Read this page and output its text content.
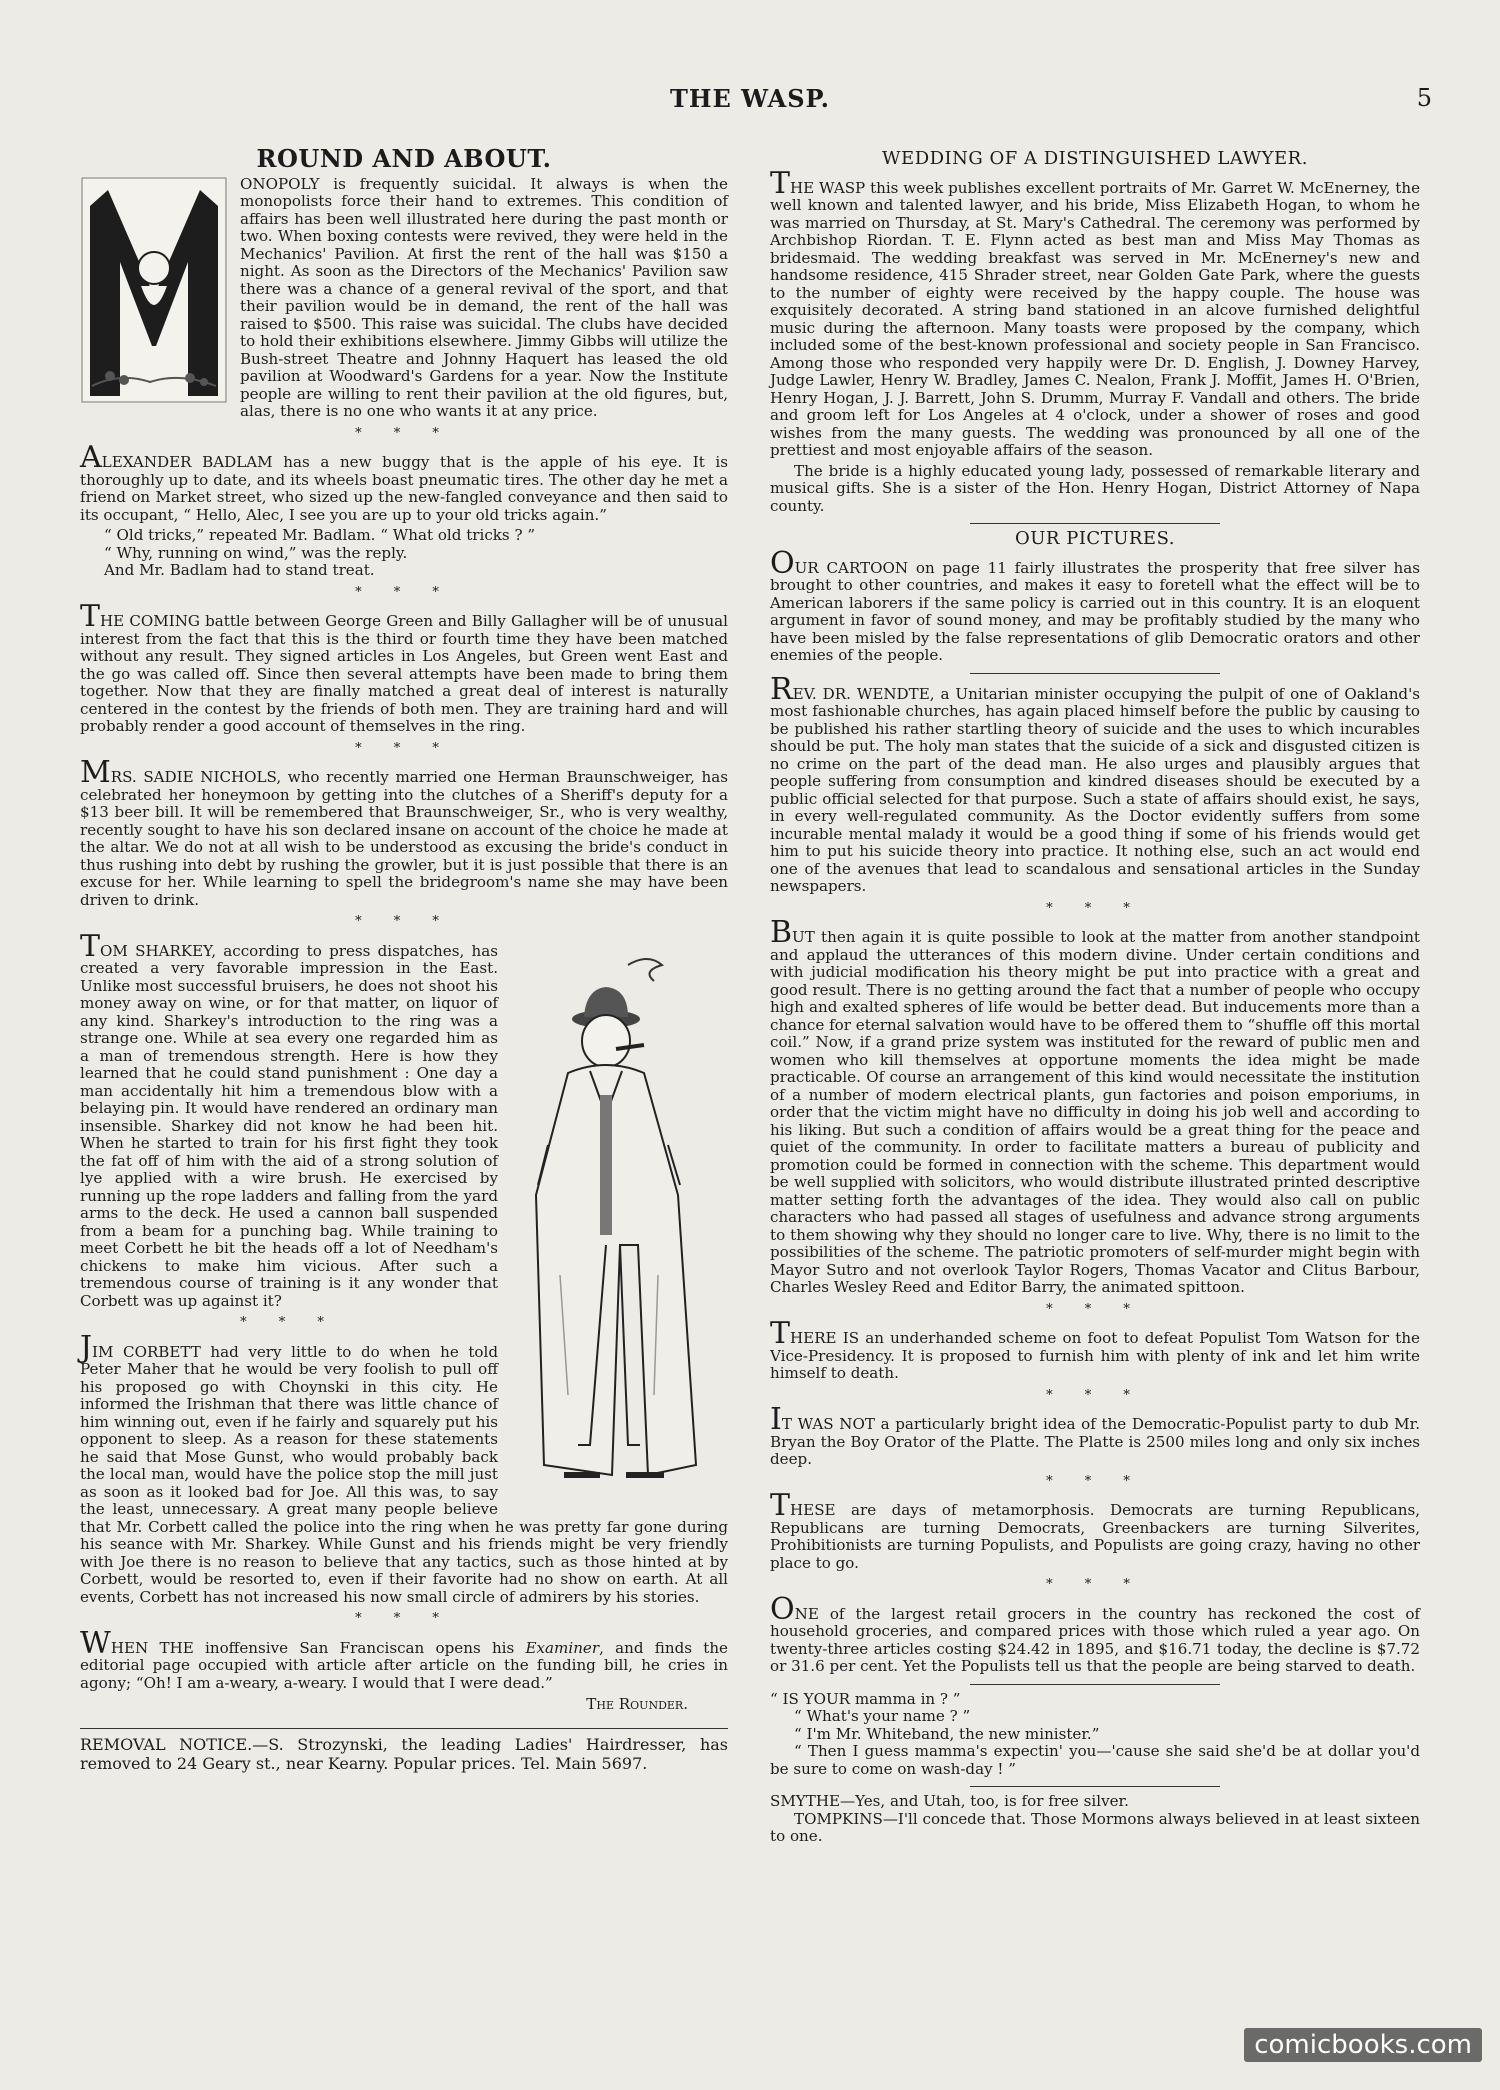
THE WASP.	5
ROUND AND ABOUT.

ONOPOLY is frequently suicidal. It always is when the monopolists force their hand to extremes. This condition of affairs has been well illustrated here during the past month or two. When boxing contests were revived, they were held in the Mechanics' Pavilion. At first the rent of the hall was $150 a night. As soon as the Directors of the Mechanics' Pavilion saw there was a chance of a general revival of the sport, and that their pavilion would be in demand, the rent of the hall was raised to $500. This raise was suicidal. The clubs have decided to hold their exhibitions elsewhere. Jimmy Gibbs will utilize the Bush-street Theatre and Johnny Haquert has leased the old pavilion at Woodward's Gardens for a year. Now the Institute people are willing to rent their pavilion at the old figures, but, alas, there is no one who wants it at any price.

* * *

ALEXANDER BADLAM has a new buggy that is the apple of his eye. It is thoroughly up to date, and its wheels boast pneumatic tires. The other day he met a friend on Market street, who sized up the new-fangled conveyance and then said to its occupant, “ Hello, Alec, I see you are up to your old tricks again.”

“ Old tricks,” repeated Mr. Badlam. “ What old tricks ? ”

“ Why, running on wind,” was the reply.

And Mr. Badlam had to stand treat.

* * *

THE COMING battle between George Green and Billy Gallagher will be of unusual interest from the fact that this is the third or fourth time they have been matched without any result. They signed articles in Los Angeles, but Green went East and the go was called off. Since then several attempts have been made to bring them together. Now that they are finally matched a great deal of interest is naturally centered in the contest by the friends of both men. They are training hard and will probably render a good account of themselves in the ring.

* * *

MRS. SADIE NICHOLS, who recently married one Herman Braunschweiger, has celebrated her honeymoon by getting into the clutches of a Sheriff's deputy for a $13 beer bill. It will be remembered that Braunschweiger, Sr., who is very wealthy, recently sought to have his son declared insane on account of the choice he made at the altar. We do not at all wish to be understood as excusing the bride's conduct in thus rushing into debt by rushing the growler, but it is just possible that there is an excuse for her. While learning to spell the bridegroom's name she may have been driven to drink.

* * *

TOM SHARKEY, according to press dispatches, has created a very favorable impression in the East. Unlike most successful bruisers, he does not shoot his money away on wine, or for that matter, on liquor of any kind. Sharkey's introduction to the ring was a strange one. While at sea every one regarded him as a man of tremendous strength. Here is how they learned that he could stand punishment : One day a man accidentally hit him a tremendous blow with a belaying pin. It would have rendered an ordinary man insensible. Sharkey did not know he had been hit. When he started to train for his first fight they took the fat off of him with the aid of a strong solution of lye applied with a wire brush. He exercised by running up the rope ladders and falling from the yard arms to the deck. He used a cannon ball suspended from a beam for a punching bag. While training to meet Corbett he bit the heads off a lot of Needham's chickens to make him vicious. After such a tremendous course of training is it any wonder that Corbett was up against it?

* * *

JIM CORBETT had very little to do when he told Peter Maher that he would be very foolish to pull off his proposed go with Choynski in this city. He informed the Irishman that there was little chance of him winning out, even if he fairly and squarely put his opponent to sleep. As a reason for these statements he said that Mose Gunst, who would probably back the local man, would have the police stop the mill just as soon as it looked bad for Joe. All this was, to say the least, unnecessary. A great many people believe that Mr. Corbett called the police into the ring when he was pretty far gone during his seance with Mr. Sharkey. While Gunst and his friends might be very friendly with Joe there is no reason to believe that any tactics, such as those hinted at by Corbett, would be resorted to, even if their favorite had no show on earth. At all events, Corbett has not increased his now small circle of admirers by his stories.

* * *

WHEN THE inoffensive San Franciscan opens his Examiner, and finds the editorial page occupied with article after article on the funding bill, he cries in agony; “Oh! I am a-weary, a-weary. I would that I were dead.”

The Rounder.
REMOVAL NOTICE.—S. Strozynski, the leading Ladies' Hairdresser, has removed to 24 Geary st., near Kearny. Popular prices. Tel. Main 5697.
WEDDING OF A DISTINGUISHED LAWYER.

THE WASP this week publishes excellent portraits of Mr. Garret W. McEnerney, the well known and talented lawyer, and his bride, Miss Elizabeth Hogan, to whom he was married on Thursday, at St. Mary's Cathedral. The ceremony was performed by Archbishop Riordan. T. E. Flynn acted as best man and Miss May Thomas as bridesmaid. The wedding breakfast was served in Mr. McEnerney's new and handsome residence, 415 Shrader street, near Golden Gate Park, where the guests to the number of eighty were received by the happy couple. The house was exquisitely decorated. A string band stationed in an alcove furnished delightful music during the afternoon. Many toasts were proposed by the company, which included some of the best-known professional and society people in San Francisco. Among those who responded very happily were Dr. D. English, J. Downey Harvey, Judge Lawler, Henry W. Bradley, James C. Nealon, Frank J. Moffit, James H. O'Brien, Henry Hogan, J. J. Barrett, John S. Drumm, Murray F. Vandall and others. The bride and groom left for Los Angeles at 4 o'clock, under a shower of roses and good wishes from the many guests. The wedding was pronounced by all one of the prettiest and most enjoyable affairs of the season.

The bride is a highly educated young lady, possessed of remarkable literary and musical gifts. She is a sister of the Hon. Henry Hogan, District Attorney of Napa county.

OUR PICTURES.

OUR CARTOON on page 11 fairly illustrates the prosperity that free silver has brought to other countries, and makes it easy to foretell what the effect will be to American laborers if the same policy is carried out in this country. It is an eloquent argument in favor of sound money, and may be profitably studied by the many who have been misled by the false representations of glib Democratic orators and other enemies of the people.

REV. DR. WENDTE, a Unitarian minister occupying the pulpit of one of Oakland's most fashionable churches, has again placed himself before the public by causing to be published his rather startling theory of suicide and the uses to which incurables should be put. The holy man states that the suicide of a sick and disgusted citizen is no crime on the part of the dead man. He also urges and plausibly argues that people suffering from consumption and kindred diseases should be executed by a public official selected for that purpose. Such a state of affairs should exist, he says, in every well-regulated community. As the Doctor evidently suffers from some incurable mental malady it would be a good thing if some of his friends would get him to put his suicide theory into practice. It nothing else, such an act would end one of the avenues that lead to scandalous and sensational articles in the Sunday newspapers.

* * *

BUT then again it is quite possible to look at the matter from another standpoint and applaud the utterances of this modern divine. Under certain conditions and with judicial modification his theory might be put into practice with a great and good result. There is no getting around the fact that a number of people who occupy high and exalted spheres of life would be better dead. But inducements more than a chance for eternal salvation would have to be offered them to “shuffle off this mortal coil.” Now, if a grand prize system was instituted for the reward of public men and women who kill themselves at opportune moments the idea might be made practicable. Of course an arrangement of this kind would necessitate the institution of a number of modern electrical plants, gun factories and poison emporiums, in order that the victim might have no difficulty in doing his job well and according to his liking. But such a condition of affairs would be a great thing for the peace and quiet of the community. In order to facilitate matters a bureau of publicity and promotion could be formed in connection with the scheme. This department would be well supplied with solicitors, who would distribute illustrated printed descriptive matter setting forth the advantages of the idea. They would also call on public characters who had passed all stages of usefulness and advance strong arguments to them showing why they should no longer care to live. Why, there is no limit to the possibilities of the scheme. The patriotic promoters of self-murder might begin with Mayor Sutro and not overlook Taylor Rogers, Thomas Vacator and Clitus Barbour, Charles Wesley Reed and Editor Barry, the animated spittoon.

* * *

THERE IS an underhanded scheme on foot to defeat Populist Tom Watson for the Vice-Presidency. It is proposed to furnish him with plenty of ink and let him write himself to death.

* * *

IT WAS NOT a particularly bright idea of the Democratic-Populist party to dub Mr. Bryan the Boy Orator of the Platte. The Platte is 2500 miles long and only six inches deep.

* * *

THESE are days of metamorphosis. Democrats are turning Republicans, Republicans are turning Democrats, Greenbackers are turning Silverites, Prohibitionists are turning Populists, and Populists are going crazy, having no other place to go.

* * *

ONE of the largest retail grocers in the country has reckoned the cost of household groceries, and compared prices with those which ruled a year ago. On twenty-three articles costing $24.42 in 1895, and $16.71 today, the decline is $7.72 or 31.6 per cent. Yet the Populists tell us that the people are being starved to death.

“ IS YOUR mamma in ? ”

“ What's your name ? ”

“ I'm Mr. Whiteband, the new minister.”

“ Then I guess mamma's expectin' you—'cause she said she'd be at dollar you'd be sure to come on wash-day ! ”

SMYTHE—Yes, and Utah, too, is for free silver.

TOMPKINS—I'll concede that. Those Mormons always believed in at least sixteen to one.

comicbooks.com
